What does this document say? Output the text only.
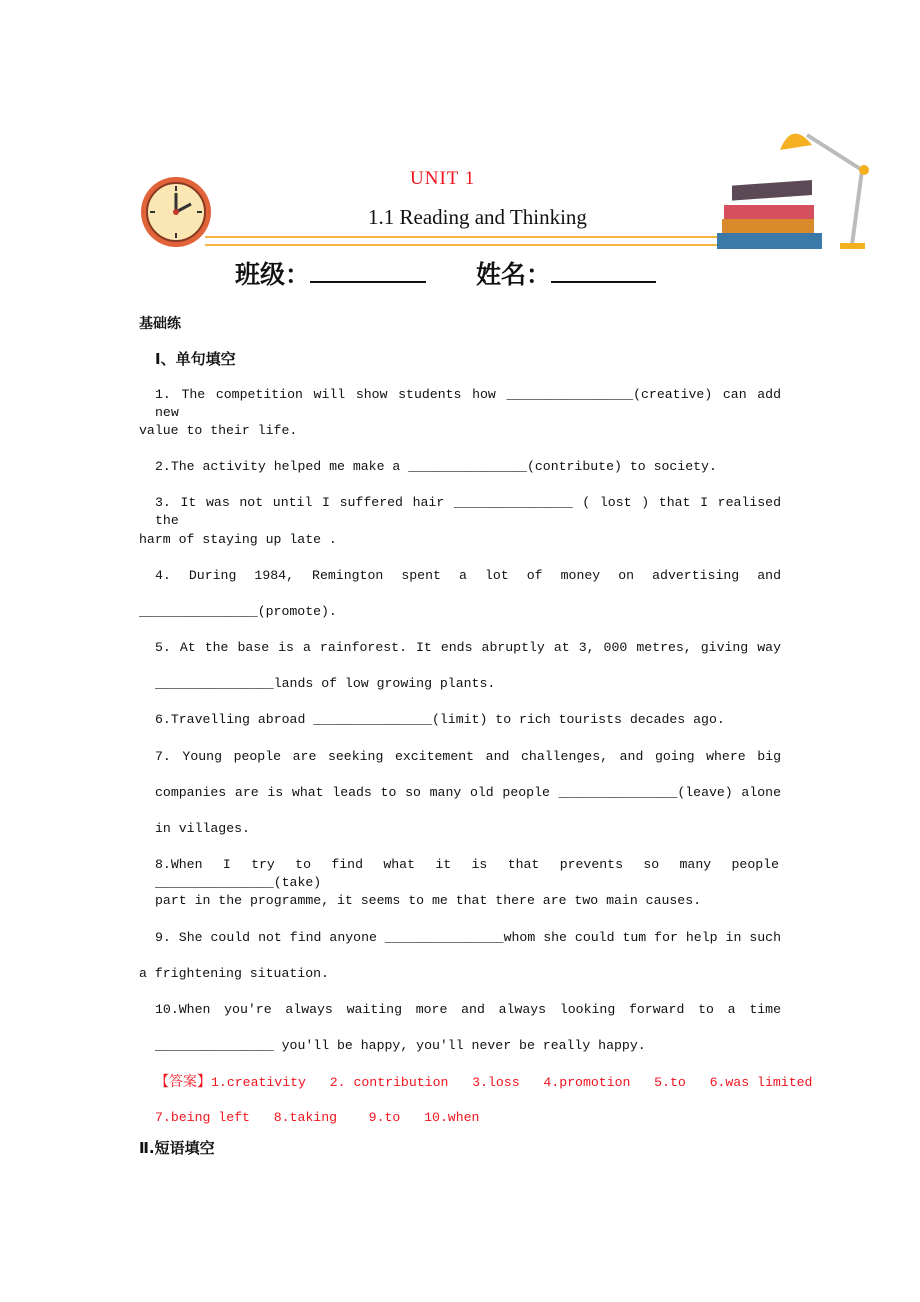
UNIT 1
1.1 Reading and Thinking
班级：	姓名：
基础练
Ⅰ、单句填空
1. The competition will show students how ________________(creative) can add new
value to their life.
2.The activity helped me make a _______________(contribute) to society.
3. It was not until I suffered hair _______________ ( lost ) that I realised the
harm of staying up late .
4. During 1984, Remington spent a lot of money on advertising and
_______________(promote).
5. At the base is a rainforest. It ends abruptly at 3, 000 metres, giving way
_______________lands of low growing plants.
6.Travelling abroad _______________(limit) to rich tourists decades ago.
7. Young people are seeking excitement and challenges, and going where big
companies are is what leads to so many old people _______________(leave) alone
in villages.
8.When I try to find what it is that prevents so many people _______________(take)
part in the programme, it seems to me that there are two main causes.
9. She could not find anyone _______________whom she could tum for help in such
a frightening situation.
10.When you're always waiting more and always looking forward to a time
_______________ you'll be happy, you'll never be really happy.
【答案】1.creativity   2. contribution   3.loss   4.promotion   5.to   6.was limited
7.being left   8.taking    9.to   10.when
Ⅱ.短语填空
